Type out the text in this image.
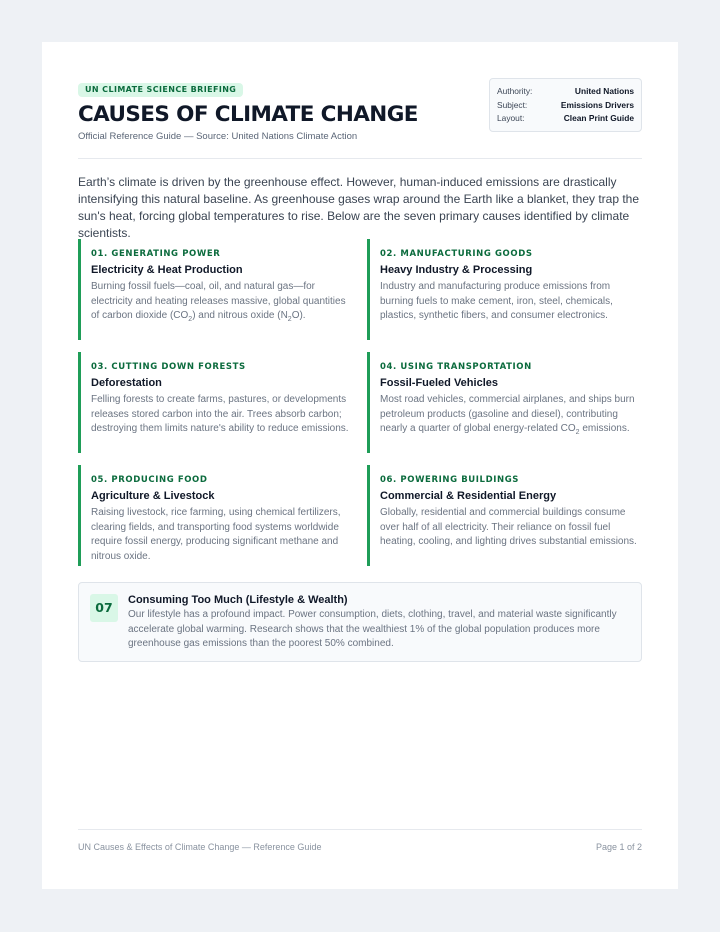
UN CLIMATE SCIENCE BRIEFING
CAUSES OF CLIMATE CHANGE
Official Reference Guide — Source: United Nations Climate Action
Authority:	United Nations
Subject:	Emissions Drivers
Layout:	Clean Print Guide

Earth’s climate is driven by the greenhouse effect. However, human-induced emissions are drastically intensifying this natural baseline. As greenhouse gases wrap around the Earth like a blanket, they trap the sun's heat, forcing global temperatures to rise. Below are the seven primary causes identified by climate scientists.

01. GENERATING POWER
Electricity & Heat Production

Burning fossil fuels—coal, oil, and natural gas—for electricity and heating releases massive, global quantities of carbon dioxide $(CO_2)$ and nitrous oxide $(N_2O)$.

02. MANUFACTURING GOODS
Heavy Industry & Processing

Industry and manufacturing produce emissions from burning fuels to make cement, iron, steel, chemicals, plastics, synthetic fibers, and consumer electronics.

03. CUTTING DOWN FORESTS
Deforestation

Felling forests to create farms, pastures, or developments releases stored carbon into the air. Trees absorb carbon; destroying them limits nature's ability to reduce emissions.

04. USING TRANSPORTATION
Fossil-Fueled Vehicles

Most road vehicles, commercial airplanes, and ships burn petroleum products (gasoline and diesel), contributing nearly a quarter of global energy-related $CO_2$ emissions.

05. PRODUCING FOOD
Agriculture & Livestock

Raising livestock, rice farming, using chemical fertilizers, clearing fields, and transporting food systems worldwide require fossil energy, producing significant methane and nitrous oxide.

06. POWERING BUILDINGS
Commercial & Residential Energy

Globally, residential and commercial buildings consume over half of all electricity. Their reliance on fossil fuel heating, cooling, and lighting drives substantial emissions.

07	Consuming Too Much (Lifestyle & Wealth)

Our lifestyle has a profound impact. Power consumption, diets, clothing, travel, and material waste significantly accelerate global warming. Research shows that the wealthiest 1% of the global population produces more greenhouse gas emissions than the poorest 50% combined.

UN Causes & Effects of Climate Change — Reference Guide	Page 1 of 2
